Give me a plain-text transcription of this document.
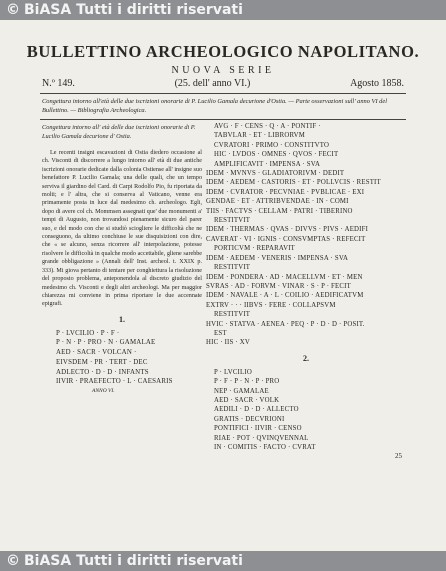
© BiASA Tutti i diritti riservati
BULLETTINO ARCHEOLOGICO NAPOLITANO.
NUOVA SERIE
N.º 149.	(25. dell' anno VI.)	Agosto 1858.
Congettura intorno all'età delle due iscrizioni onorarie di P. Lucilio Gamala decurione d'Ostia. — Parte osservazioni sull' anno VI del Bullettino. — Bibliografia Archeologica.
Congettura intorno all' età delle due iscrizioni onorarie di P. Lucilio Gamala decurione d' Ostia.

Le recenti insigni escavazioni di Ostia diedero occasione al ch. Visconti di discorrere a lungo intorno all' età di due antiche iscrizioni onorarie dedicate dalla colonia Ostiense all' insigne suo benefattore P. Lucilio Gamala; una delle quali, che un tempo serviva il giardino del Card. di Carpi Rodolfo Pio, fu riportata da molti; e l' altra, che si conserva al Vaticano, venne era primamente posta in luce dal medesimo ch. archeologo. Egli, dopo di avere col ch. Mommsen assegnati que' due monumenti a' tempi di Augusto, non trovandosi pienamente sicuro del parer suo, e del modo con che si studiò sciogliere le difficoltà che ne conseguono, da ultimo conchiuse le sue disquisizioni con dire, che « se alcuno, senza ricorrere all' interpolazione, potesse risolvere le difficoltà in qualche modo accettabile, gliene sarebbe grande obbligazione » (Annali dell' Inst. archeol. t. XXIX p. 333). Mi giova pertanto di tentare per conghiettura la risoluzione del proposto problema, anteponendola al discreto giudizio del medesimo ch. Visconti e degli altri archeologi. Ma per maggior chiarezza mi conviene in prima riportare le due accennate epigrafi.

1.
P · LVCILIO · P · F ·
P · N · P · PRO · N · GAMALAE
AED · SACR · VOLCAN ·
EIVSDEM · PR · TERT · DEC
ADLECTO · D · D · INFANTS
IIVIR · PRAEFECTO · L · CAESARIS
ANNO VI.
AVG · F · CENS · Q · A · PONTIF ·
TABVLAR · ET · LIBRORVM
CVRATORI · PRIMO · CONSTITVTO
HIC · LVDOS · OMNES · QVOS · FECIT
AMPLIFICAVIT · IMPENSA · SVA
IDEM · MVNVS · GLADIATORIVM · DEDIT
IDEM · AEDEM · CASTORIS · ET · POLLVCIS · RESTIT
IDEM · CVRATOR · PECVNIAE · PVBLICAE · EXI
GENDAE · ET · ATTRIBVENDAE · IN · COMI
TIIS · FACTVS · CELLAM · PATRI · TIBERINO
RESTITVIT
IDEM · THERMAS · QVAS · DIVVS · PIVS · AEDIFI
CAVERAT · VI · IGNIS · CONSVMPTAS · REFECIT
PORTICVM · REPARAVIT
IDEM · AEDEM · VENERIS · IMPENSA · SVA
RESTITVIT
IDEM · PONDERA · AD · MACELLVM · ET · MEN
SVRAS · AD · FORVM · VINAR · S · P · FECIT
IDEM · NAVALE · A · L · COILIO · AEDIFICATVM
EXTRV · · · IIBVS · FERE · COLLAPSVM
RESTITVIT
HVIC · STATVA · AENEA · PEQ · P · D · D · POSIT.
EST
HIC · IIS · XV
2.
P · LVCILIO
P · F · P · N · P · PRO
NEP · GAMALAE
AED · SACR · VOLK
AEDILI · D · D · ALLECTO
GRATIS · DECVRIONI
PONTIFICI · IIVIR · CENSO
RIAE · POT · QVINQVENNAL
IN · COMITIS · FACTO · CVRAT
25
© BiASA Tutti i diritti riservati
